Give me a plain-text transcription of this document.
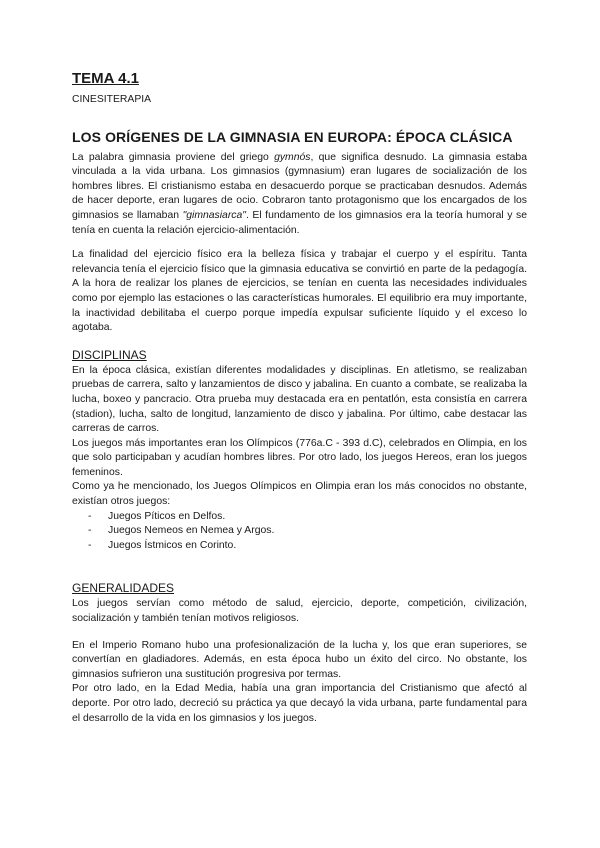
TEMA 4.1
CINESITERAPIA
LOS ORÍGENES DE LA GIMNASIA EN EUROPA: ÉPOCA CLÁSICA

La palabra gimnasia proviene del griego gymnós, que significa desnudo. La gimnasia estaba vinculada a la vida urbana. Los gimnasios (gymnasium) eran lugares de socialización de los hombres libres. El cristianismo estaba en desacuerdo porque se practicaban desnudos. Además de hacer deporte, eran lugares de ocio. Cobraron tanto protagonismo que los encargados de los gimnasios se llamaban "gimnasiarca". El fundamento de los gimnasios era la teoría humoral y se tenía en cuenta la relación ejercicio-alimentación.

La finalidad del ejercicio físico era la belleza física y trabajar el cuerpo y el espíritu. Tanta relevancia tenía el ejercicio físico que la gimnasia educativa se convirtió en parte de la pedagogía. A la hora de realizar los planes de ejercicios, se tenían en cuenta las necesidades individuales como por ejemplo las estaciones o las características humorales. El equilibrio era muy importante, la inactividad debilitaba el cuerpo porque impedía expulsar suficiente líquido y el exceso lo agotaba.

DISCIPLINAS

En la época clásica, existían diferentes modalidades y disciplinas. En atletismo, se realizaban pruebas de carrera, salto y lanzamientos de disco y jabalina. En cuanto a combate, se realizaba la lucha, boxeo y pancracio. Otra prueba muy destacada era en pentatlón, esta consistía en carrera (stadion), lucha, salto de longitud, lanzamiento de disco y jabalina. Por último, cabe destacar las carreras de carros.

Los juegos más importantes eran los Olímpicos (776a.C - 393 d.C), celebrados en Olimpia, en los que solo participaban y acudían hombres libres. Por otro lado, los juegos Hereos, eran los juegos femeninos.

Como ya he mencionado, los Juegos Olímpicos en Olimpia eran los más conocidos no obstante, existían otros juegos:

- Juegos Píticos en Delfos.
- Juegos Nemeos en Nemea y Argos.
- Juegos Ístmicos en Corinto.
GENERALIDADES

Los juegos servían como método de salud, ejercicio, deporte, competición, civilización, socialización y también tenían motivos religiosos.

En el Imperio Romano hubo una profesionalización de la lucha y, los que eran superiores, se convertían en gladiadores. Además, en esta época hubo un éxito del circo. No obstante, los gimnasios sufrieron una sustitución progresiva por termas.

Por otro lado, en la Edad Media, había una gran importancia del Cristianismo que afectó al deporte. Por otro lado, decreció su práctica ya que decayó la vida urbana, parte fundamental para el desarrollo de la vida en los gimnasios y los juegos.
